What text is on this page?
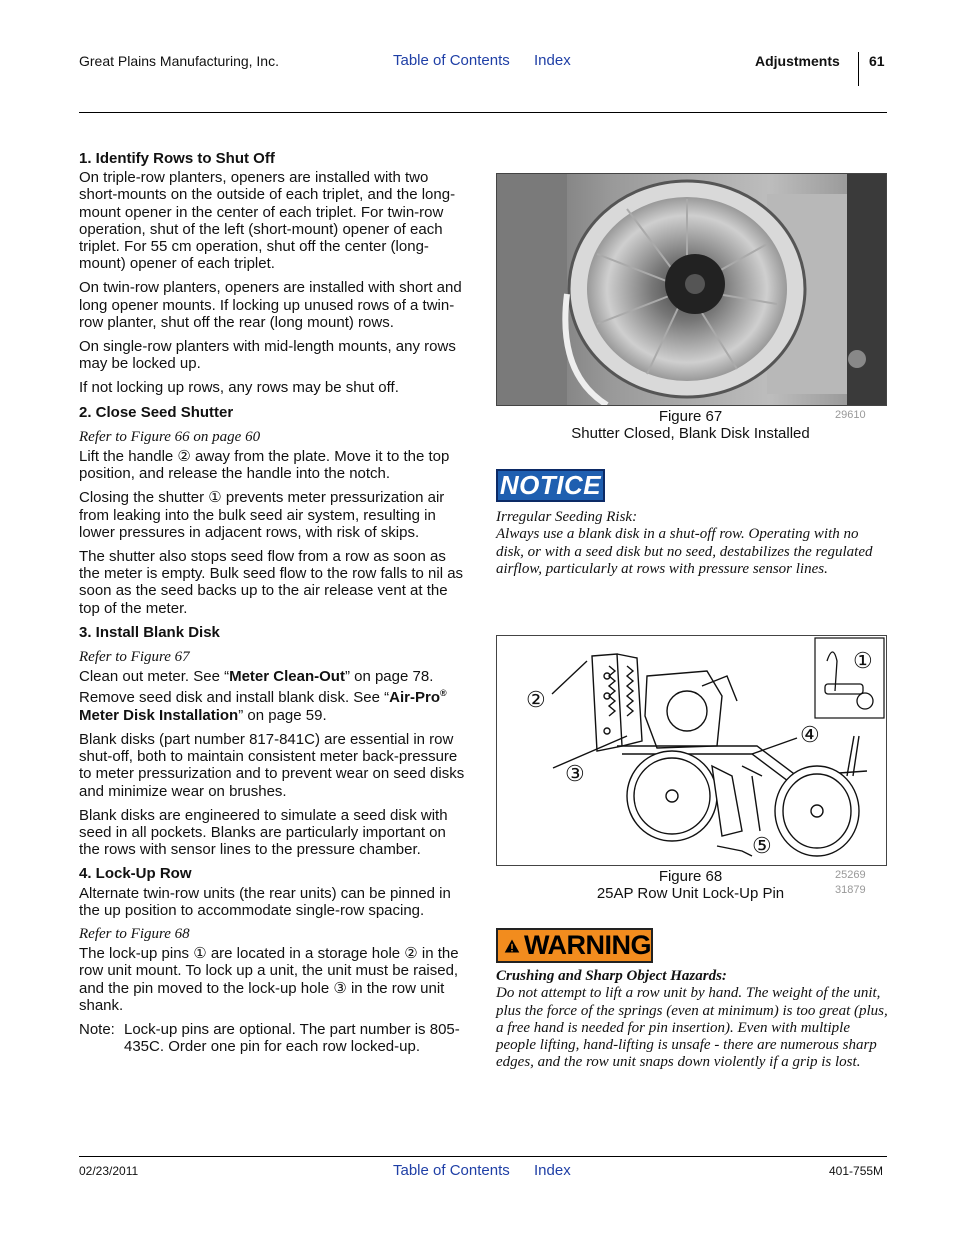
Great Plains Manufacturing, Inc.	Table of Contents Index	Adjustments 61
1. Identify Rows to Shut Off

On triple-row planters, openers are installed with two short-mounts on the outside of each triplet, and the long-mount opener in the center of each triplet. For twin-row operation, shut of the left (short-mount) opener of each triplet. For 55 cm operation, shut off the center (long-mount) opener of each triplet.

On twin-row planters, openers are installed with short and long opener mounts. If locking up unused rows of a twin-row planter, shut off the rear (long mount) rows.

On single-row planters with mid-length mounts, any rows may be locked up.

If not locking up rows, any rows may be shut off.

2. Close Seed Shutter
Refer to Figure 66 on page 60

Lift the handle ② away from the plate. Move it to the top position, and release the handle into the notch.

Closing the shutter ① prevents meter pressurization air from leaking into the bulk seed air system, resulting in lower pressures in adjacent rows, with risk of skips.

The shutter also stops seed flow from a row as soon as the meter is empty. Bulk seed flow to the row falls to nil as soon as the seed backs up to the air release vent at the top of the meter.

3. Install Blank Disk
Refer to Figure 67

Clean out meter. See “Meter Clean-Out” on page 78. Remove seed disk and install blank disk. See “Air-Pro® Meter Disk Installation” on page 59.

Blank disks (part number 817-841C) are essential in row shut-off, both to maintain consistent meter back-pressure to meter pressurization and to prevent wear on seed disks and minimize wear on brushes.

Blank disks are engineered to simulate a seed disk with seed in all pockets. Blanks are particularly important on the rows with sensor lines to the pressure chamber.

4. Lock-Up Row

Alternate twin-row units (the rear units) can be pinned in the up position to accommodate single-row spacing.

Refer to Figure 68

The lock-up pins ① are located in a storage hole ② in the row unit mount. To lock up a unit, the unit must be raised, and the pin moved to the lock-up hole ③ in the row unit shank.

Note: Lock-up pins are optional. The part number is 805-435C. Order one pin for each row locked-up.
Figure 67
Shutter Closed, Blank Disk Installed
29610
NOTICE
Irregular Seeding Risk:
Always use a blank disk in a shut-off row. Operating with no disk, or with a seed disk but no seed, destabilizes the regulated airflow, particularly at rows with pressure sensor lines.
①
②
③
④
⑤
Figure 68
25AP Row Unit Lock-Up Pin
25269
31879
WARNING
Crushing and Sharp Object Hazards:
Do not attempt to lift a row unit by hand. The weight of the unit, plus the force of the springs (even at minimum) is too great (plus, a free hand is needed for pin insertion). Even with multiple people lifting, hand-lifting is unsafe - there are numerous sharp edges, and the row unit snaps down violently if a grip is lost.
02/23/2011	Table of Contents Index	401-755M
